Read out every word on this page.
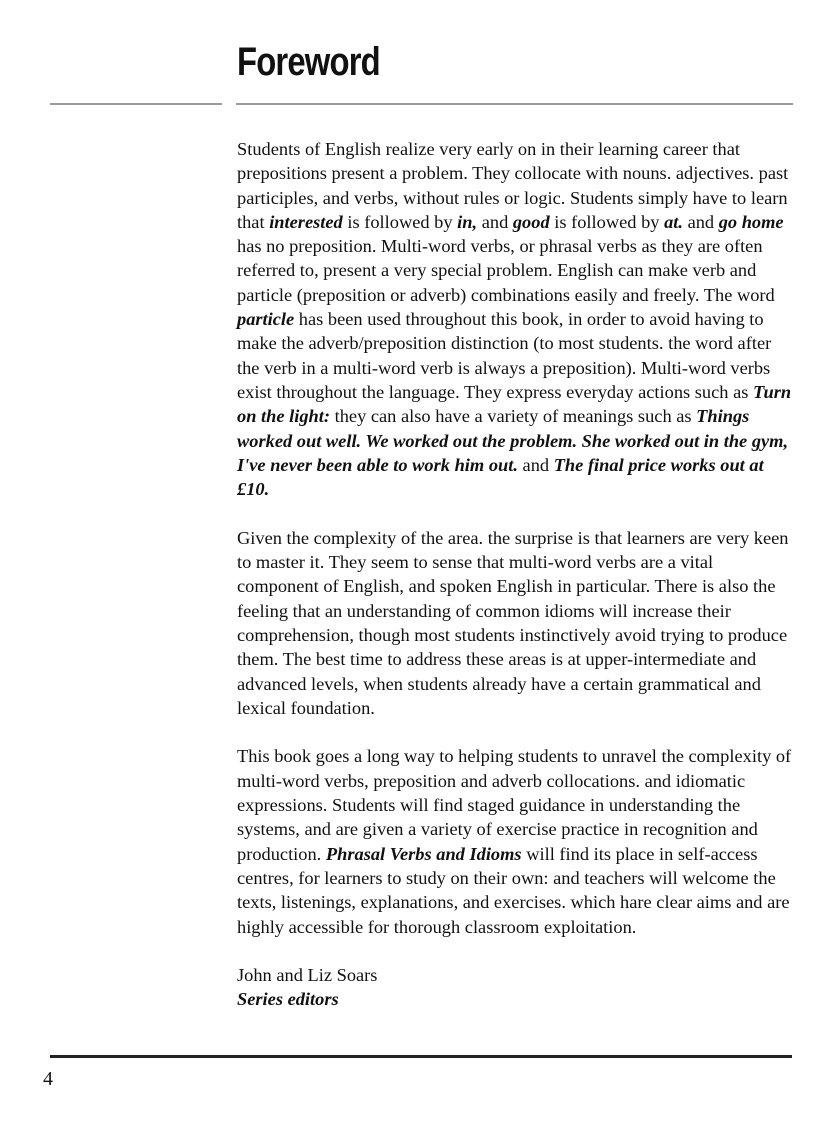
Foreword

Students of English realize very early on in their learning career that prepositions present a problem. They collocate with nouns. adjectives. past participles, and verbs, without rules or logic. Students simply have to learn that interested is followed by in, and good is followed by at. and go home has no preposition. Multi-word verbs, or phrasal verbs as they are often referred to, present a very special problem. English can make verb and particle (preposition or adverb) combinations easily and freely. The word particle has been used throughout this book, in order to avoid having to make the adverb/preposition distinction (to most students. the word after the verb in a multi-word verb is always a preposition). Multi-word verbs exist throughout the language. They express everyday actions such as Turn on the light: they can also have a variety of meanings such as Things worked out well. We worked out the problem. She worked out in the gym, I've never been able to work him out. and The final price works out at £10.

Given the complexity of the area. the surprise is that learners are very keen to master it. They seem to sense that multi-word verbs are a vital component of English, and spoken English in particular. There is also the feeling that an understanding of common idioms will increase their comprehension, though most students instinctively avoid trying to produce them. The best time to address these areas is at upper-intermediate and advanced levels, when students already have a certain grammatical and lexical foundation.

This book goes a long way to helping students to unravel the complexity of multi-word verbs, preposition and adverb collocations. and idiomatic expressions. Students will find staged guidance in understanding the systems, and are given a variety of exercise practice in recognition and production. Phrasal Verbs and Idioms will find its place in self-access centres, for learners to study on their own: and teachers will welcome the texts, listenings, explanations, and exercises. which hare clear aims and are highly accessible for thorough classroom exploitation.

John and Liz Soars
Series editors
4
